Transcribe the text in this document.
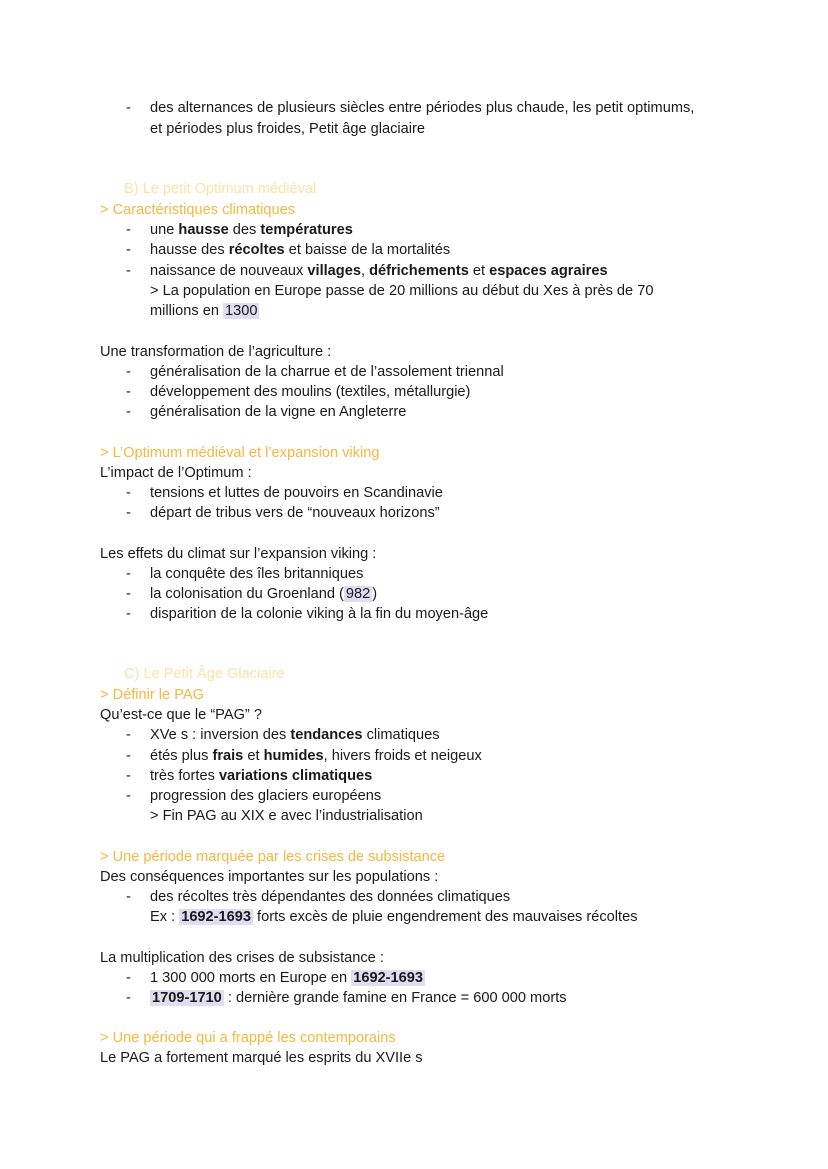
- des alternances de plusieurs siècles entre périodes plus chaude, les petit optimums,
et périodes plus froides, Petit âge glaciaire
B) Le petit Optimum médiéval
> Caractéristiques climatiques
- une hausse des températures
- hausse des récoltes et baisse de la mortalités
- naissance de nouveaux villages, défrichements et espaces agraires
> La population en Europe passe de 20 millions au début du Xes à près de 70
millions en 1300
Une transformation de l’agriculture :
- généralisation de la charrue et de l’assolement triennal
- développement des moulins (textiles, métallurgie)
- généralisation de la vigne en Angleterre
> L’Optimum médiéval et l’expansion viking
L’impact de l’Optimum :
- tensions et luttes de pouvoirs en Scandinavie
- départ de tribus vers de “nouveaux horizons”
Les effets du climat sur l’expansion viking :
- la conquête des îles britanniques
- la colonisation du Groenland ( 982 )
- disparition de la colonie viking à la fin du moyen-âge
C) Le Petit Âge Glaciaire
> Définir le PAG
Qu’est-ce que le “PAG” ?
- XVe s : inversion des tendances climatiques
- étés plus frais et humides, hivers froids et neigeux
- très fortes variations climatiques
- progression des glaciers européens
> Fin PAG au XIX e avec l’industrialisation
> Une période marquée par les crises de subsistance
Des conséquences importantes sur les populations :
- des récoltes très dépendantes des données climatiques
Ex : 1692-1693 forts excès de pluie engendrement des mauvaises récoltes
La multiplication des crises de subsistance :
- 1 300 000 morts en Europe en 1692-1693
- 1709-1710 : dernière grande famine en France = 600 000 morts
> Une période qui a frappé les contemporains
Le PAG a fortement marqué les esprits du XVIIe s
